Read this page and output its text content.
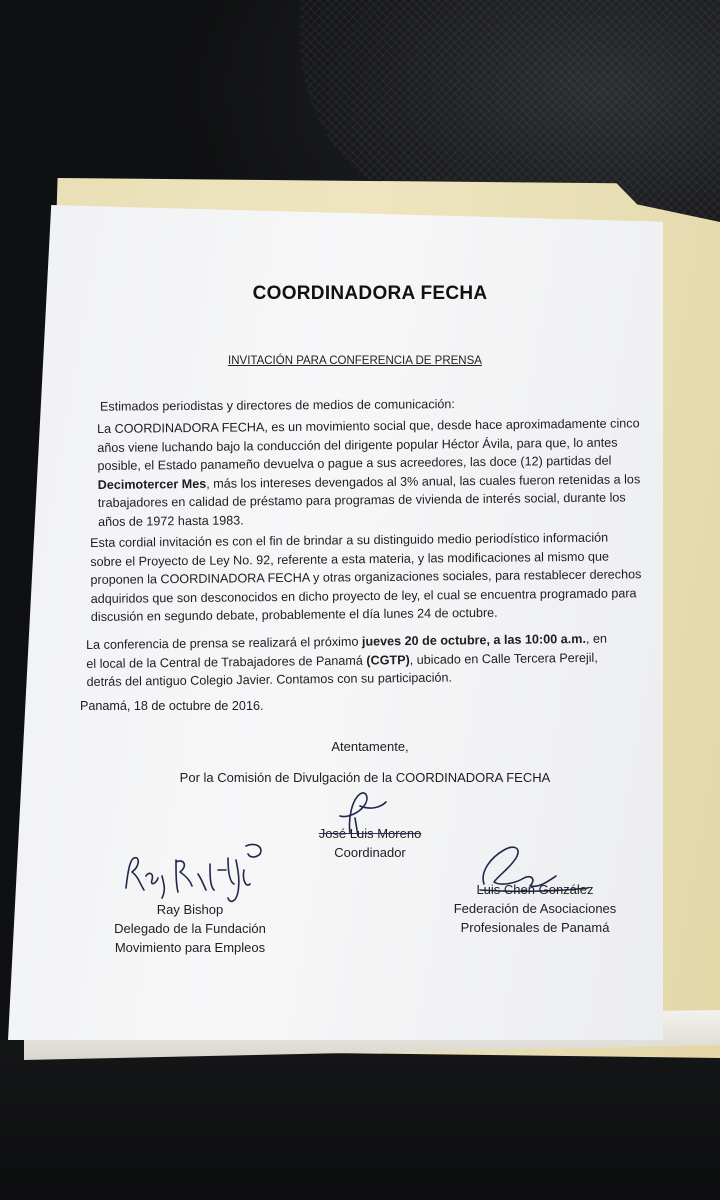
COORDINADORA FECHA
INVITACIÓN PARA CONFERENCIA DE PRENSA
Estimados periodistas y directores de medios de comunicación:
La COORDINADORA FECHA, es un movimiento social que, desde hace aproximadamente cinco
años viene luchando bajo la conducción del dirigente popular Héctor Ávila, para que, lo antes
posible, el Estado panameño devuelva o pague a sus acreedores, las doce (12) partidas del
Decimotercer Mes, más los intereses devengados al 3% anual, las cuales fueron retenidas a los
trabajadores en calidad de préstamo para programas de vivienda de interés social, durante los
años de 1972 hasta 1983.
Esta cordial invitación es con el fin de brindar a su distinguido medio periodístico información
sobre el Proyecto de Ley No. 92, referente a esta materia, y las modificaciones al mismo que
proponen la COORDINADORA FECHA y otras organizaciones sociales, para restablecer derechos
adquiridos que son desconocidos en dicho proyecto de ley, el cual se encuentra programado para
discusión en segundo debate, probablemente el día lunes 24 de octubre.
La conferencia de prensa se realizará el próximo jueves 20 de octubre, a las 10:00 a.m., en
el local de la Central de Trabajadores de Panamá (CGTP), ubicado en Calle Tercera Perejil,
detrás del antiguo Colegio Javier. Contamos con su participación.
Panamá, 18 de octubre de 2016.
Atentamente,
Por la Comisión de Divulgación de la COORDINADORA FECHA
José Luis Moreno
Coordinador
Ray Bishop
Delegado de la Fundación
Movimiento para Empleos
Luis Chen González
Federación de Asociaciones
Profesionales de Panamá
